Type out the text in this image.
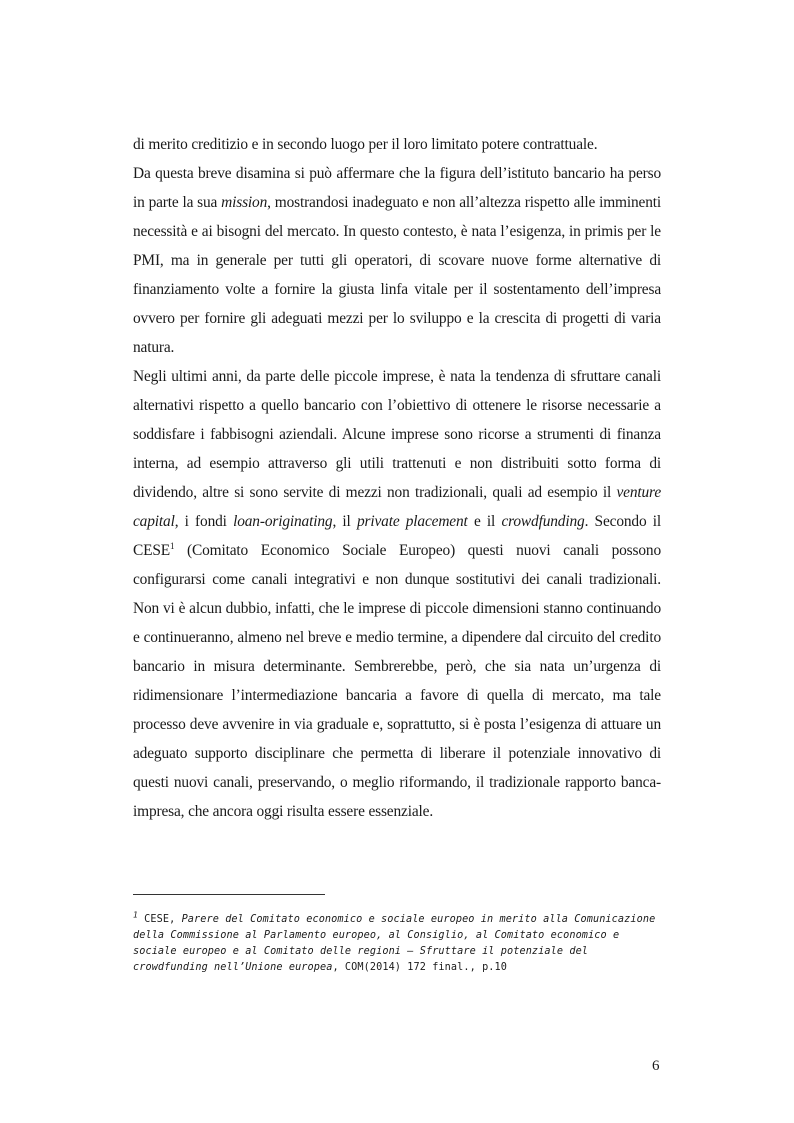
di merito creditizio e in secondo luogo per il loro limitato potere contrattuale.

Da questa breve disamina si può affermare che la figura dell’istituto bancario ha perso in parte la sua mission, mostrandosi inadeguato e non all’altezza rispetto alle imminenti necessità e ai bisogni del mercato. In questo contesto, è nata l’esigenza, in primis per le PMI, ma in generale per tutti gli operatori, di scovare nuove forme alternative di finanziamento volte a fornire la giusta linfa vitale per il sostentamento dell’impresa ovvero per fornire gli adeguati mezzi per lo sviluppo e la crescita di progetti di varia natura.

Negli ultimi anni, da parte delle piccole imprese, è nata la tendenza di sfruttare canali alternativi rispetto a quello bancario con l’obiettivo di ottenere le risorse necessarie a soddisfare i fabbisogni aziendali. Alcune imprese sono ricorse a strumenti di finanza interna, ad esempio attraverso gli utili trattenuti e non distribuiti sotto forma di dividendo, altre si sono servite di mezzi non tradizionali, quali ad esempio il venture capital, i fondi loan-originating, il private placement e il crowdfunding. Secondo il CESE$^1$ (Comitato Economico Sociale Europeo) questi nuovi canali possono configurarsi come canali integrativi e non dunque sostitutivi dei canali tradizionali. Non vi è alcun dubbio, infatti, che le imprese di piccole dimensioni stanno continuando e continueranno, almeno nel breve e medio termine, a dipendere dal circuito del credito bancario in misura determinante. Sembrerebbe, però, che sia nata un’urgenza di ridimensionare l’intermediazione bancaria a favore di quella di mercato, ma tale processo deve avvenire in via graduale e, soprattutto, si è posta l’esigenza di attuare un adeguato supporto disciplinare che permetta di liberare il potenziale innovativo di questi nuovi canali, preservando, o meglio riformando, il tradizionale rapporto banca-impresa, che ancora oggi risulta essere essenziale.

$^1$ CESE, Parere del Comitato economico e sociale europeo in merito alla Comunicazione della Commissione al Parlamento europeo, al Consiglio, al Comitato economico e sociale europeo e al Comitato delle regioni — Sfruttare il potenziale del crowdfunding nell’Unione europea, COM(2014) 172 final., p.10
6
